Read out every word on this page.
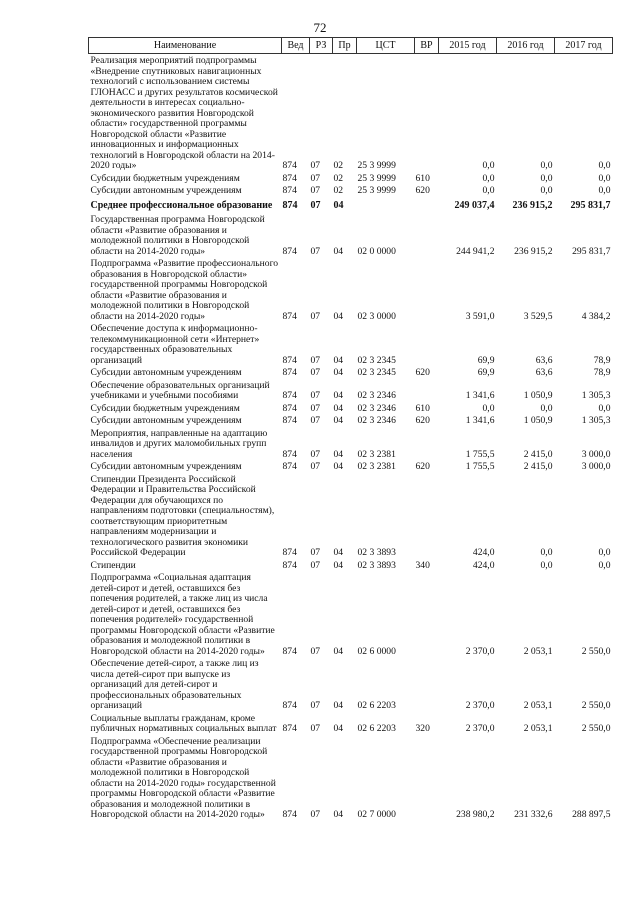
72
Наименование	Вед	РЗ	Пр	ЦСТ	ВР	2015 год	2016 год	2017 год
Реализация мероприятий подпрограммы «Внедрение спутниковых навигационных технологий с использованием системы ГЛОНАСС и других результатов космической деятельности в интересах социально-экономического развития Новгородской области» государственной программы Новгородской области «Развитие инновационных и информационных технологий в Новгородской области на 2014-2020 годы»	874	07	02	25 3 9999		0,0	0,0	0,0
Субсидии бюджетным учреждениям	874	07	02	25 3 9999	610	0,0	0,0	0,0
Субсидии автономным учреждениям	874	07	02	25 3 9999	620	0,0	0,0	0,0
Среднее профессиональное образование	874	07	04			249 037,4	236 915,2	295 831,7
Государственная программа Новгородской области «Развитие образования и молодежной политики в Новгородской области на 2014-2020 годы»	874	07	04	02 0 0000		244 941,2	236 915,2	295 831,7
Подпрограмма «Развитие профессионального образования в Новгородской области» государственной программы Новгородской области «Развитие образования и молодежной политики в Новгородской области на 2014-2020 годы»	874	07	04	02 3 0000		3 591,0	3 529,5	4 384,2
Обеспечение доступа к информационно-телекоммуникационной сети «Интернет» государственных образовательных организаций	874	07	04	02 3 2345		69,9	63,6	78,9
Субсидии автономным учреждениям	874	07	04	02 3 2345	620	69,9	63,6	78,9
Обеспечение образовательных организаций учебниками и учебными пособиями	874	07	04	02 3 2346		1 341,6	1 050,9	1 305,3
Субсидии бюджетным учреждениям	874	07	04	02 3 2346	610	0,0	0,0	0,0
Субсидии автономным учреждениям	874	07	04	02 3 2346	620	1 341,6	1 050,9	1 305,3
Мероприятия, направленные на адаптацию инвалидов и других маломобильных групп населения	874	07	04	02 3 2381		1 755,5	2 415,0	3 000,0
Субсидии автономным учреждениям	874	07	04	02 3 2381	620	1 755,5	2 415,0	3 000,0
Стипендии Президента Российской Федерации и Правительства Российской Федерации для обучающихся по направлениям подготовки (специальностям), соответствующим приоритетным направлениям модернизации и технологического развития экономики Российской Федерации	874	07	04	02 3 3893		424,0	0,0	0,0
Стипендии	874	07	04	02 3 3893	340	424,0	0,0	0,0
Подпрограмма «Социальная адаптация детей-сирот и детей, оставшихся без попечения родителей, а также лиц из числа детей-сирот и детей, оставшихся без попечения родителей» государственной программы Новгородской области «Развитие образования и молодежной политики в Новгородской области на 2014-2020 годы»	874	07	04	02 6 0000		2 370,0	2 053,1	2 550,0
Обеспечение детей-сирот, а также лиц из числа детей-сирот при выпуске из организаций для детей-сирот и профессиональных образовательных организаций	874	07	04	02 6 2203		2 370,0	2 053,1	2 550,0
Социальные выплаты гражданам, кроме публичных нормативных социальных выплат	874	07	04	02 6 2203	320	2 370,0	2 053,1	2 550,0
Подпрограмма «Обеспечение реализации государственной программы Новгородской области «Развитие образования и молодежной политики в Новгородской области на 2014-2020 годы» государственной программы Новгородской области «Развитие образования и молодежной политики в Новгородской области на 2014-2020 годы»	874	07	04	02 7 0000		238 980,2	231 332,6	288 897,5
